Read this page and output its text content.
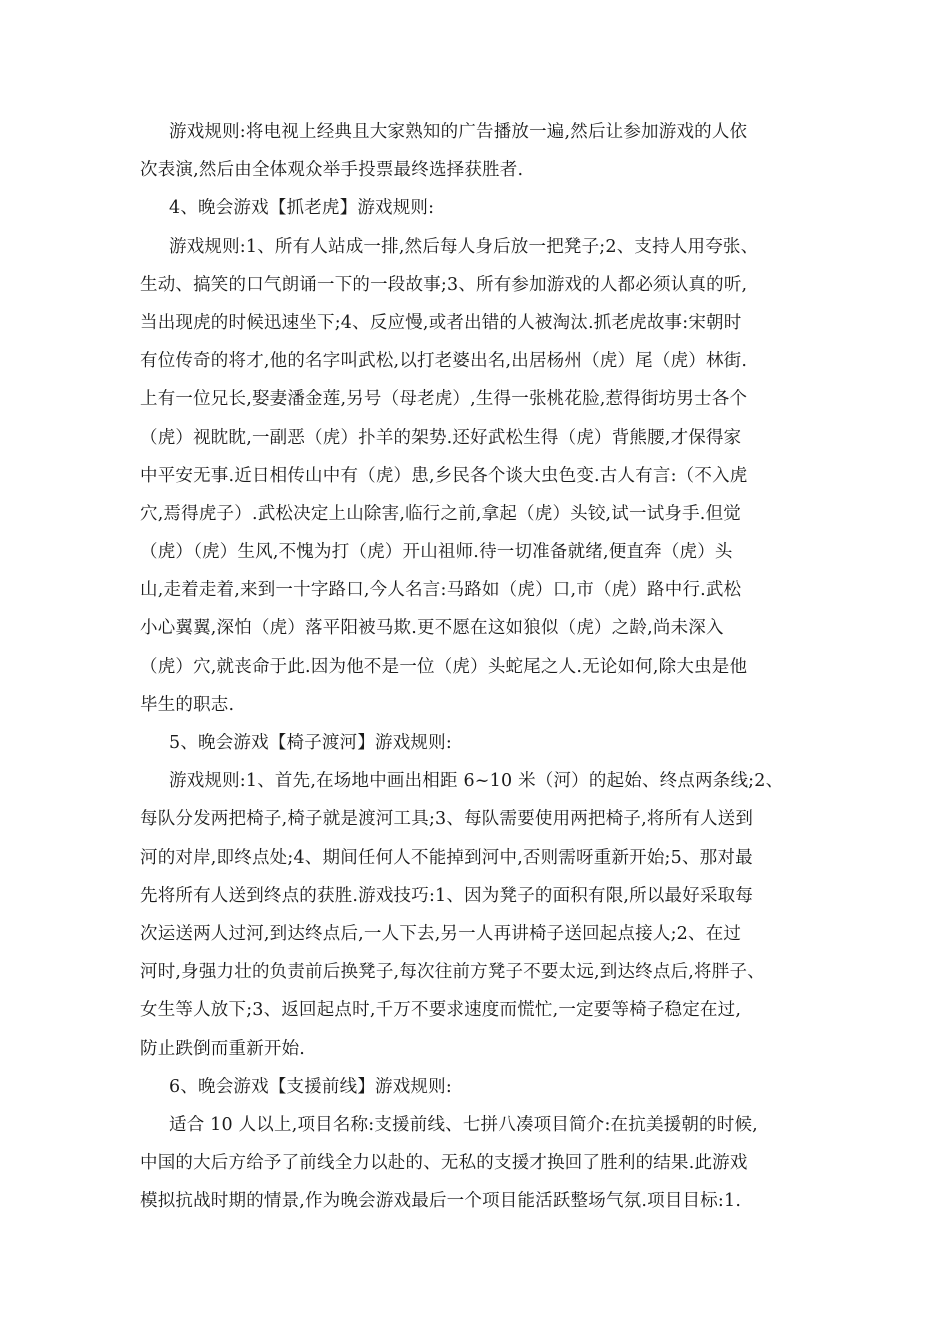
游戏规则:将电视上经典且大家熟知的广告播放一遍,然后让参加游戏的人依
次表演,然后由全体观众举手投票最终选择获胜者.
4、晚会游戏【抓老虎】游戏规则:
游戏规则:1、所有人站成一排,然后每人身后放一把凳子;2、支持人用夸张、
生动、搞笑的口气朗诵一下的一段故事;3、所有参加游戏的人都必须认真的听,
当出现虎的时候迅速坐下;4、反应慢,或者出错的人被淘汰.抓老虎故事:宋朝时
有位传奇的将才,他的名字叫武松,以打老婆出名,出居杨州（虎）尾（虎）林街.
上有一位兄长,娶妻潘金莲,另号（母老虎）,生得一张桃花脸,惹得街坊男士各个
（虎）视眈眈,一副恶（虎）扑羊的架势.还好武松生得（虎）背熊腰,才保得家
中平安无事.近日相传山中有（虎）患,乡民各个谈大虫色变.古人有言:（不入虎
穴,焉得虎子）.武松决定上山除害,临行之前,拿起（虎）头铰,试一试身手.但觉
（虎）（虎）生风,不愧为打（虎）开山祖师.待一切准备就绪,便直奔（虎）头
山,走着走着,来到一十字路口,今人名言:马路如（虎）口,市（虎）路中行.武松
小心翼翼,深怕（虎）落平阳被马欺.更不愿在这如狼似（虎）之龄,尚未深入
（虎）穴,就丧命于此.因为他不是一位（虎）头蛇尾之人.无论如何,除大虫是他
毕生的职志.
5、晚会游戏【椅子渡河】游戏规则:
游戏规则:1、首先,在场地中画出相距 6~10 米（河）的起始、终点两条线;2、
每队分发两把椅子,椅子就是渡河工具;3、每队需要使用两把椅子,将所有人送到
河的对岸,即终点处;4、期间任何人不能掉到河中,否则需呀重新开始;5、那对最
先将所有人送到终点的获胜.游戏技巧:1、因为凳子的面积有限,所以最好采取每
次运送两人过河,到达终点后,一人下去,另一人再讲椅子送回起点接人;2、在过
河时,身强力壮的负责前后换凳子,每次往前方凳子不要太远,到达终点后,将胖子、
女生等人放下;3、返回起点时,千万不要求速度而慌忙,一定要等椅子稳定在过,
防止跌倒而重新开始.
6、晚会游戏【支援前线】游戏规则:
适合 10 人以上,项目名称:支援前线、七拼八凑项目简介:在抗美援朝的时候,
中国的大后方给予了前线全力以赴的、无私的支援才换回了胜利的结果.此游戏
模拟抗战时期的情景,作为晚会游戏最后一个项目能活跃整场气氛.项目目标:1.
